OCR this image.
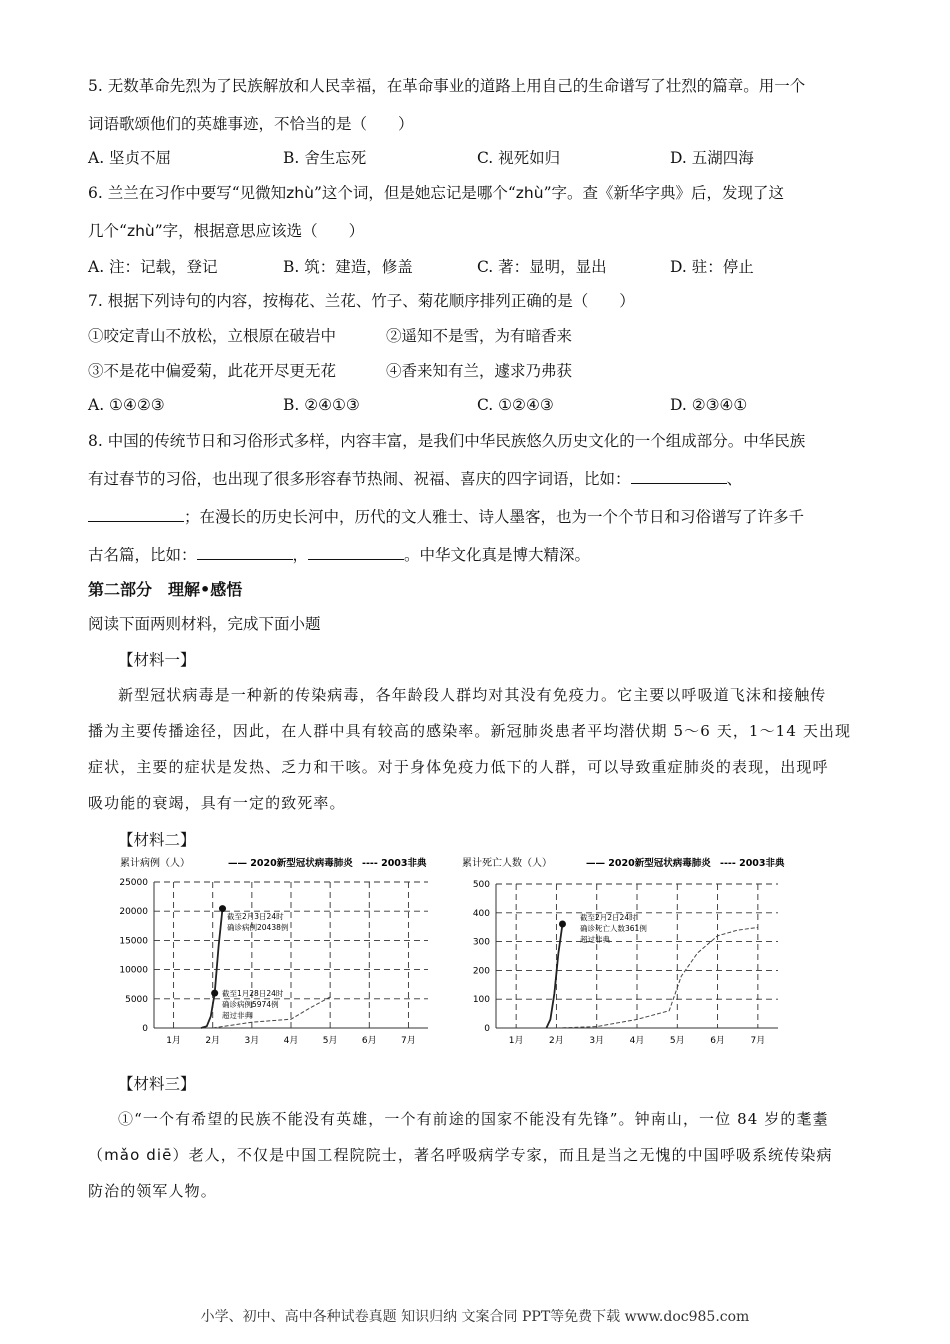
5. 无数革命先烈为了民族解放和人民幸福，在革命事业的道路上用自己的生命谱写了壮烈的篇章。用一个
词语歌颂他们的英雄事迹，不恰当的是（　　）
A. 坚贞不屈	B. 舍生忘死	C. 视死如归	D. 五湖四海
6. 兰兰在习作中要写“见微知zhù”这个词，但是她忘记是哪个“zhù”字。查《新华字典》后，发现了这
几个“zhù”字，根据意思应该选（　　）
A. 注：记载，登记	B. 筑：建造，修盖	C. 著：显明，显出	D. 驻：停止
7. 根据下列诗句的内容，按梅花、兰花、竹子、菊花顺序排列正确的是（　　）
①咬定青山不放松，立根原在破岩中	②遥知不是雪，为有暗香来
③不是花中偏爱菊，此花开尽更无花	④香来知有兰，遽求乃弗获
A. ①④②③	B. ②④①③	C. ①②④③	D. ②③④①
8. 中国的传统节日和习俗形式多样，内容丰富，是我们中华民族悠久历史文化的一个组成部分。中华民族
有过春节的习俗，也出现了很多形容春节热闹、祝福、喜庆的四字词语，比如：	、
；在漫长的历史长河中，历代的文人雅士、诗人墨客，也为一个个节日和习俗谱写了许多千
古名篇，比如：	，	。中华文化真是博大精深。
第二部分　理解•感悟
阅读下面两则材料，完成下面小题
【材料一】
新型冠状病毒是一种新的传染病毒，各年龄段人群均对其没有免疫力。它主要以呼吸道飞沫和接触传
播为主要传播途径，因此，在人群中具有较高的感染率。新冠肺炎患者平均潜伏期 5～6 天，1～14 天出现
症状，主要的症状是发热、乏力和干咳。对于身体免疫力低下的人群，可以导致重症肺炎的表现，出现呼
吸功能的衰竭，具有一定的致死率。
【材料二】
累计病例（人）	—— 2020新型冠状病毒肺炎 ---- 2003非典
0
5000
10000
15000
20000
25000
1月	2月	3月	4月	5月	6月	7月
截至2月3日24时
确诊病例20438例
截至1月28日24时
确诊病例5974例
超过非典
累计死亡人数（人）	—— 2020新型冠状病毒肺炎 ---- 2003非典
0
100
200
300
400
500
1月	2月	3月	4月	5月	6月	7月
截至2月2日24时
确诊死亡人数361例
超过非典
【材料三】
①“一个有希望的民族不能没有英雄，一个有前途的国家不能没有先锋”。钟南山，一位 84 岁的耄耋
（mǎo diē）老人，不仅是中国工程院院士，著名呼吸病学专家，而且是当之无愧的中国呼吸系统传染病
防治的领军人物。
小学、初中、高中各种试卷真题 知识归纳 文案合同 PPT等免费下载 www.doc985.com
